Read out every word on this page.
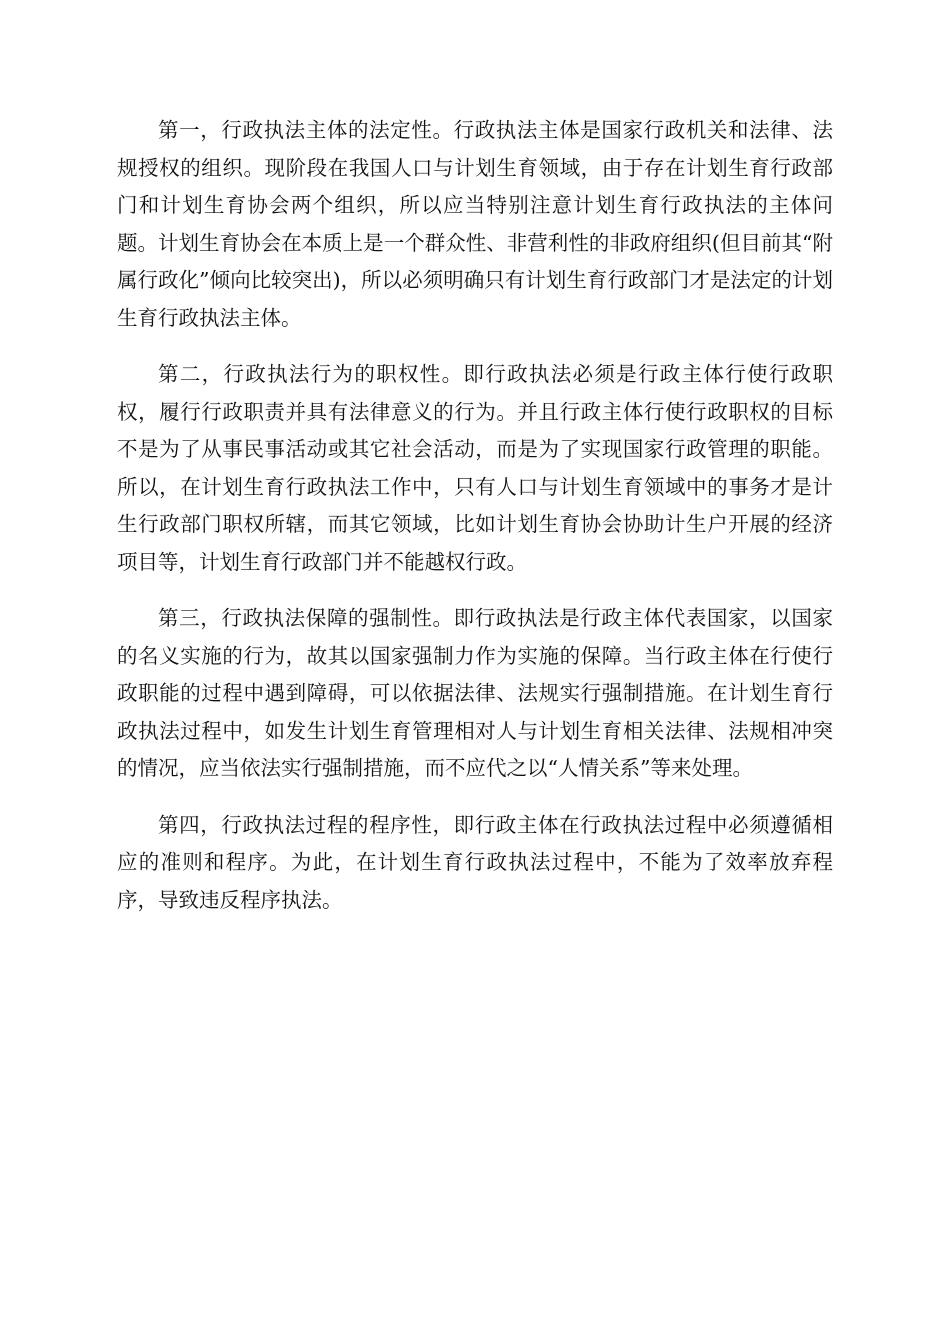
第一，行政执法主体的法定性。行政执法主体是国家行政机关和法律、法规授权的组织。现阶段在我国人口与计划生育领域，由于存在计划生育行政部门和计划生育协会两个组织，所以应当特别注意计划生育行政执法的主体问题。计划生育协会在本质上是一个群众性、非营利性的非政府组织(但目前其“附属行政化”倾向比较突出)，所以必须明确只有计划生育行政部门才是法定的计划生育行政执法主体。

第二，行政执法行为的职权性。即行政执法必须是行政主体行使行政职权，履行行政职责并具有法律意义的行为。并且行政主体行使行政职权的目标不是为了从事民事活动或其它社会活动，而是为了实现国家行政管理的职能。所以，在计划生育行政执法工作中，只有人口与计划生育领域中的事务才是计生行政部门职权所辖，而其它领域，比如计划生育协会协助计生户开展的经济项目等，计划生育行政部门并不能越权行政。

第三，行政执法保障的强制性。即行政执法是行政主体代表国家，以国家的名义实施的行为，故其以国家强制力作为实施的保障。当行政主体在行使行政职能的过程中遇到障碍，可以依据法律、法规实行强制措施。在计划生育行政执法过程中，如发生计划生育管理相对人与计划生育相关法律、法规相冲突的情况，应当依法实行强制措施，而不应代之以“人情关系”等来处理。

第四，行政执法过程的程序性，即行政主体在行政执法过程中必须遵循相应的准则和程序。为此，在计划生育行政执法过程中，不能为了效率放弃程序，导致违反程序执法。
